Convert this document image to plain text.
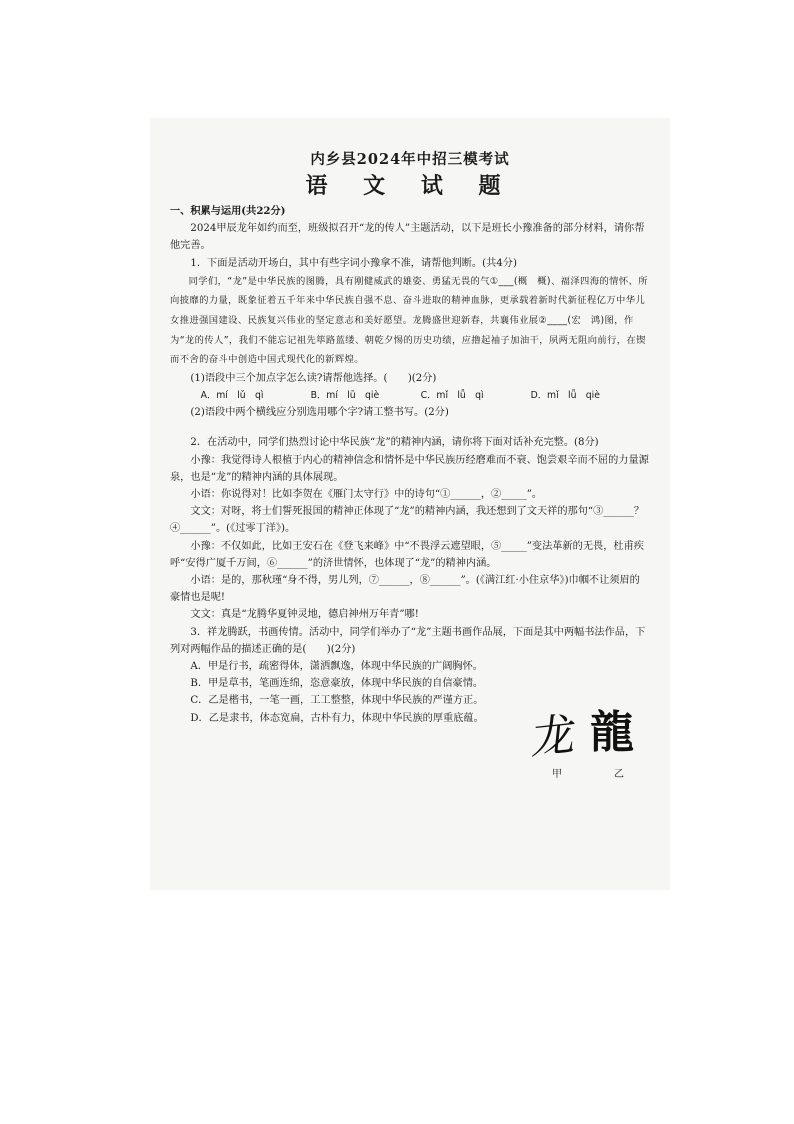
内乡县2024年中招三模考试

语 文 试 题

一、积累与运用(共22分)

2024甲辰龙年如约而至，班级拟召开“龙的传人”主题活动，以下是班长小豫准备的部分材料，请你帮他完善。

1．下面是活动开场白，其中有些字词小豫拿不准，请帮他判断。(共4分)

同学们，“龙”是中华民族的图腾，具有刚健威武的雄姿、勇猛无畏的气①___(概　概)、福泽四海的情怀、所向披靡的力量，既象征着五千年来中华民族自强不息、奋斗进取的精神血脉，更承载着新时代新征程亿万中华儿女推进强国建设、民族复兴伟业的坚定意志和美好愿望。龙腾盛世迎新春，共襄伟业展②____(宏　鸿)图，作为“龙的传人”，我们不能忘记祖先筚路蓝缕、朝乾夕惕的历史功绩，应撸起袖子加油干，夙两无阻向前行，在锲而不舍的奋斗中创造中国式现代化的新辉煌。

(1)语段中三个加点字怎么读?请帮他选择。(　　)(2分)

A．mí　lǔ　qì	B．mí　lū　qiè	C．mǐ　lǚ　qì	D．mǐ　lǚ　qiè

(2)语段中两个横线应分别选用哪个字?请工整书写。(2分)

2．在活动中，同学们热烈讨论中华民族“龙”的精神内涵，请你将下面对话补充完整。(8分)

小豫：我觉得诗人根植于内心的精神信念和情怀是中华民族历经磨难而不衰、饱尝艰辛而不屈的力量源泉，也是“龙”的精神内涵的具体展现。

小语：你说得对！比如李贺在《雁门太守行》中的诗句“①______，②_____”。

文文：对呀，将士们誓死报国的精神正体现了“龙”的精神内涵，我还想到了文天祥的那句“③______？④______”。(《过零丁洋》)。

小豫：不仅如此，比如王安石在《登飞来峰》中“不畏浮云遮望眼，⑤_____”变法革新的无畏，杜甫疾呼“安得广厦千万间，⑥______”的济世情怀，也体现了“龙”的精神内涵。

小语：是的，那秋瑾“身不得，男儿列，⑦______，⑧______”。(《满江红·小住京华》)巾帼不让须眉的豪情也是呢!

文文：真是“龙腾华夏钟灵地，德启神州万年青”哪!

3．祥龙腾跃，书画传情。活动中，同学们举办了“龙”主题书画作品展，下面是其中两幅书法作品，下列对两幅作品的描述正确的是(　　)(2分)

A．甲是行书，疏密得体，潇洒飘逸，体现中华民族的广阔胸怀。

B．甲是草书，笔画连绵，恣意豪放，体现中华民族的自信豪情。

C．乙是楷书，一笔一画，工工整整，体现中华民族的严谨方正。

D．乙是隶书，体态宽扁，古朴有力，体现中华民族的厚重底蕴。	龙 龍
甲	乙
